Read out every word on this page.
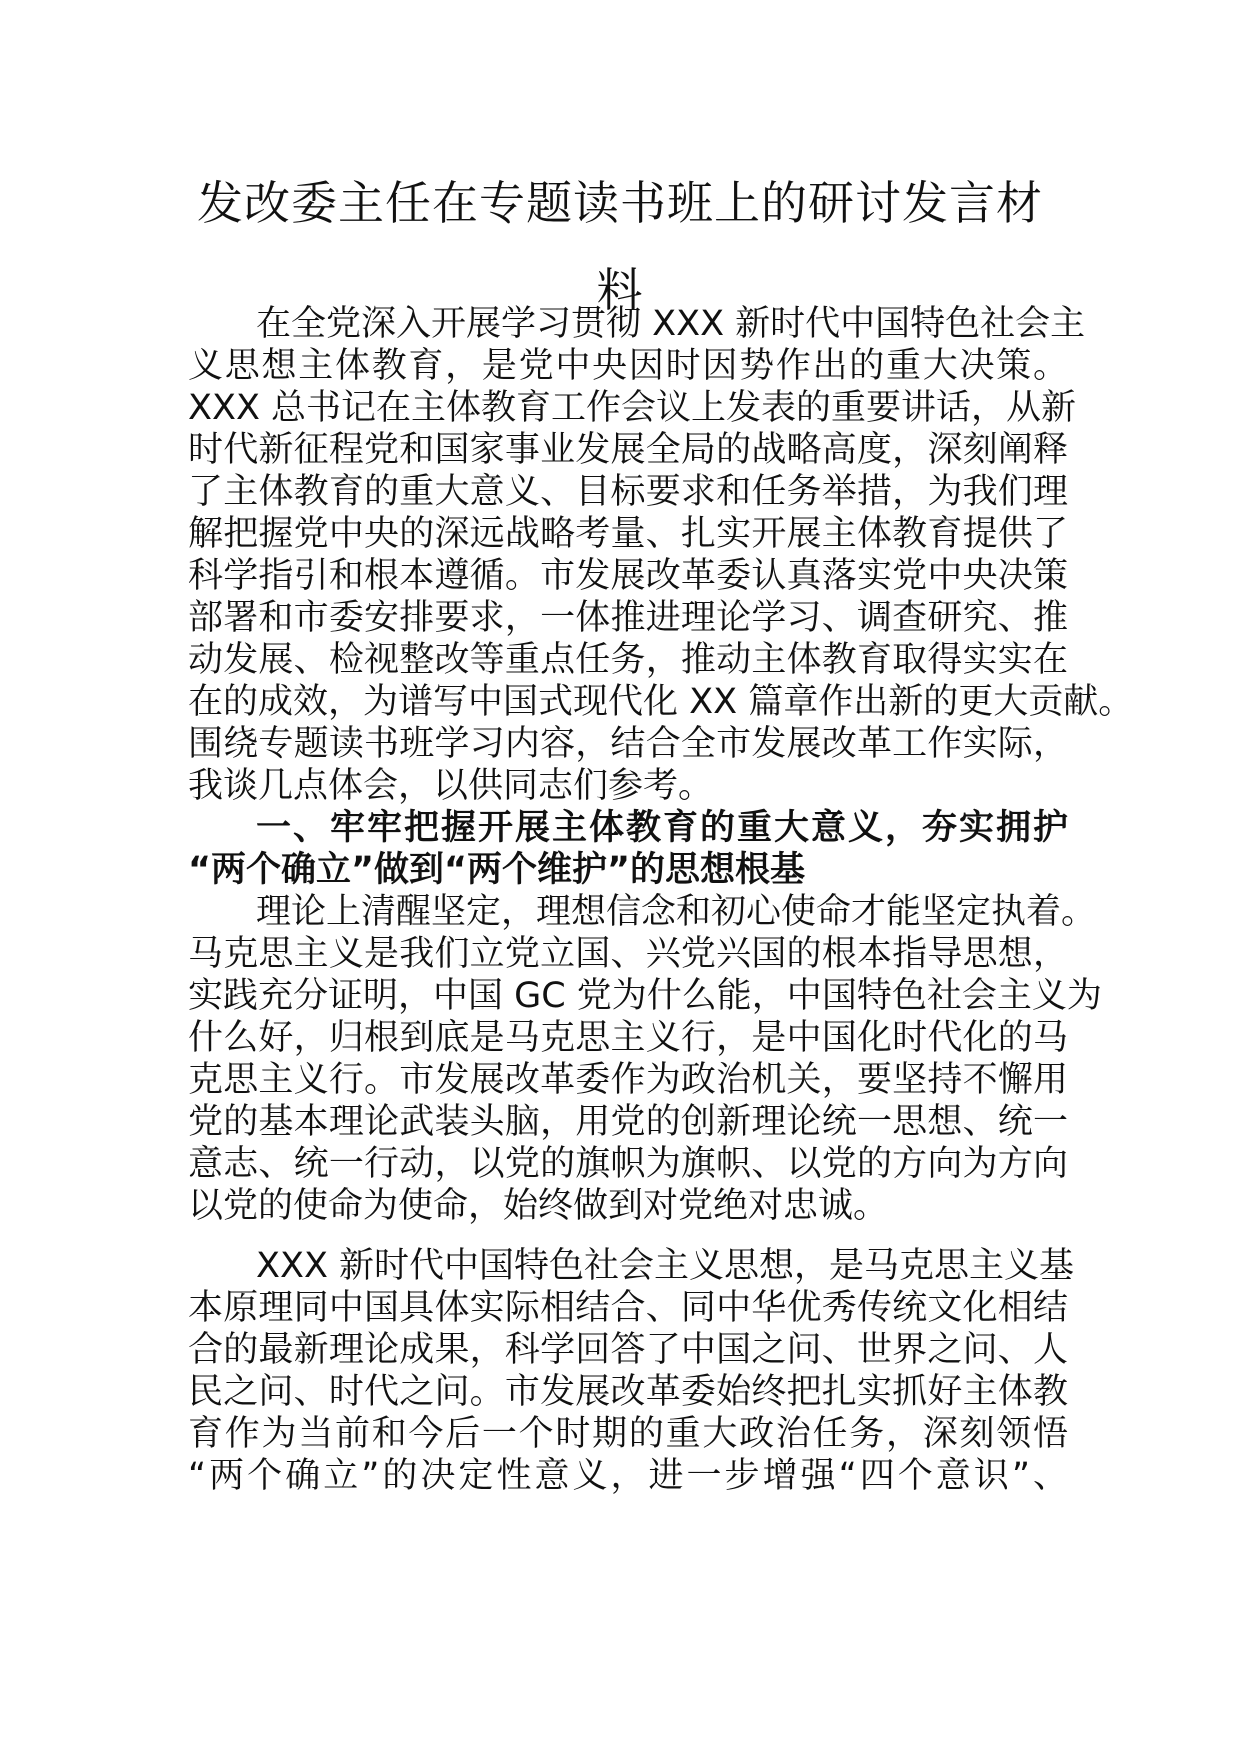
发改委主任在专题读书班上的研讨发言材
料

在全党深入开展学习贯彻 XXX 新时代中国特色社会主

义思想主体教育，是党中央因时因势作出的重大决策。

XXX 总书记在主体教育工作会议上发表的重要讲话，从新

时代新征程党和国家事业发展全局的战略高度，深刻阐释

了主体教育的重大意义、目标要求和任务举措，为我们理

解把握党中央的深远战略考量、扎实开展主体教育提供了

科学指引和根本遵循。市发展改革委认真落实党中央决策

部署和市委安排要求，一体推进理论学习、调查研究、推

动发展、检视整改等重点任务，推动主体教育取得实实在

在的成效，为谱写中国式现代化 XX 篇章作出新的更大贡献。

围绕专题读书班学习内容，结合全市发展改革工作实际，

我谈几点体会，以供同志们参考。

一、牢牢把握开展主体教育的重大意义，夯实拥护

“两个确立”做到“两个维护”的思想根基

理论上清醒坚定，理想信念和初心使命才能坚定执着。

马克思主义是我们立党立国、兴党兴国的根本指导思想，

实践充分证明，中国 GC 党为什么能，中国特色社会主义为

什么好，归根到底是马克思主义行，是中国化时代化的马

克思主义行。市发展改革委作为政治机关，要坚持不懈用

党的基本理论武装头脑，用党的创新理论统一思想、统一

意志、统一行动，以党的旗帜为旗帜、以党的方向为方向

以党的使命为使命，始终做到对党绝对忠诚。

XXX 新时代中国特色社会主义思想，是马克思主义基

本原理同中国具体实际相结合、同中华优秀传统文化相结

合的最新理论成果，科学回答了中国之问、世界之问、人

民之问、时代之问。市发展改革委始终把扎实抓好主体教

育作为当前和今后一个时期的重大政治任务，深刻领悟

“两个确立”的决定性意义，进一步增强“四个意识”、
